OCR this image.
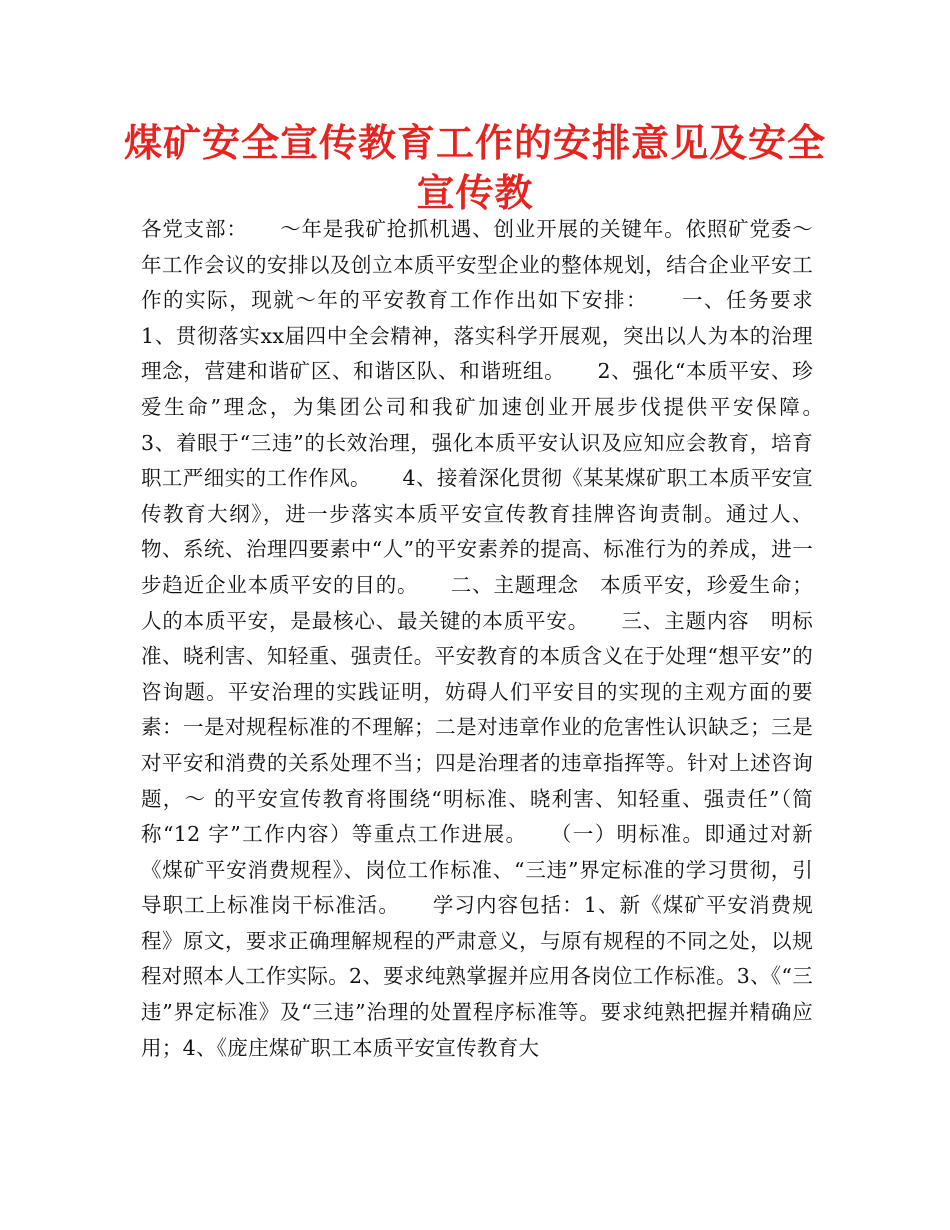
煤矿安全宣传教育工作的安排意见及安全宣传教

各党支部：　　～年是我矿抢抓机遇、创业开展的关键年。依照矿党委～ 年工作会议的安排以及创立本质平安型企业的整体规划，结合企业平安工作的实际，现就～年的平安教育工作作出如下安排：　　一、任务要求　1、贯彻落实xx届四中全会精神，落实科学开展观，突出以人为本的治理理念，营建和谐矿区、和谐区队、和谐班组。　　2、强化“本质平安、珍爱生命”理念，为集团公司和我矿加速创业开展步伐提供平安保障。　　3、着眼于“三违”的长效治理，强化本质平安认识及应知应会教育，培育职工严细实的工作作风。　　4、接着深化贯彻《某某煤矿职工本质平安宣传教育大纲》，进一步落实本质平安宣传教育挂牌咨询责制。通过人、物、系统、治理四要素中“人”的平安素养的提高、标准行为的养成，进一步趋近企业本质平安的目的。　　二、主题理念　本质平安，珍爱生命；人的本质平安，是最核心、最关键的本质平安。　　三、主题内容　明标准、晓利害、知轻重、强责任。平安教育的本质含义在于处理“想平安”的咨询题。平安治理的实践证明，妨碍人们平安目的实现的主观方面的要素：一是对规程标准的不理解；二是对违章作业的危害性认识缺乏；三是对平安和消费的关系处理不当；四是治理者的违章指挥等。针对上述咨询题，～ 的平安宣传教育将围绕“明标准、晓利害、知轻重、强责任”（简称“12 字”工作内容）等重点工作进展。　　（一）明标准。即通过对新《煤矿平安消费规程》、岗位工作标准、“三违”界定标准的学习贯彻，引导职工上标准岗干标准活。　　学习内容包括：1、新《煤矿平安消费规程》原文，要求正确理解规程的严肃意义，与原有规程的不同之处，以规程对照本人工作实际。2、要求纯熟掌握并应用各岗位工作标准。3、《“三违”界定标准》及“三违”治理的处置程序标准等。要求纯熟把握并精确应用；4、《庞庄煤矿职工本质平安宣传教育大
